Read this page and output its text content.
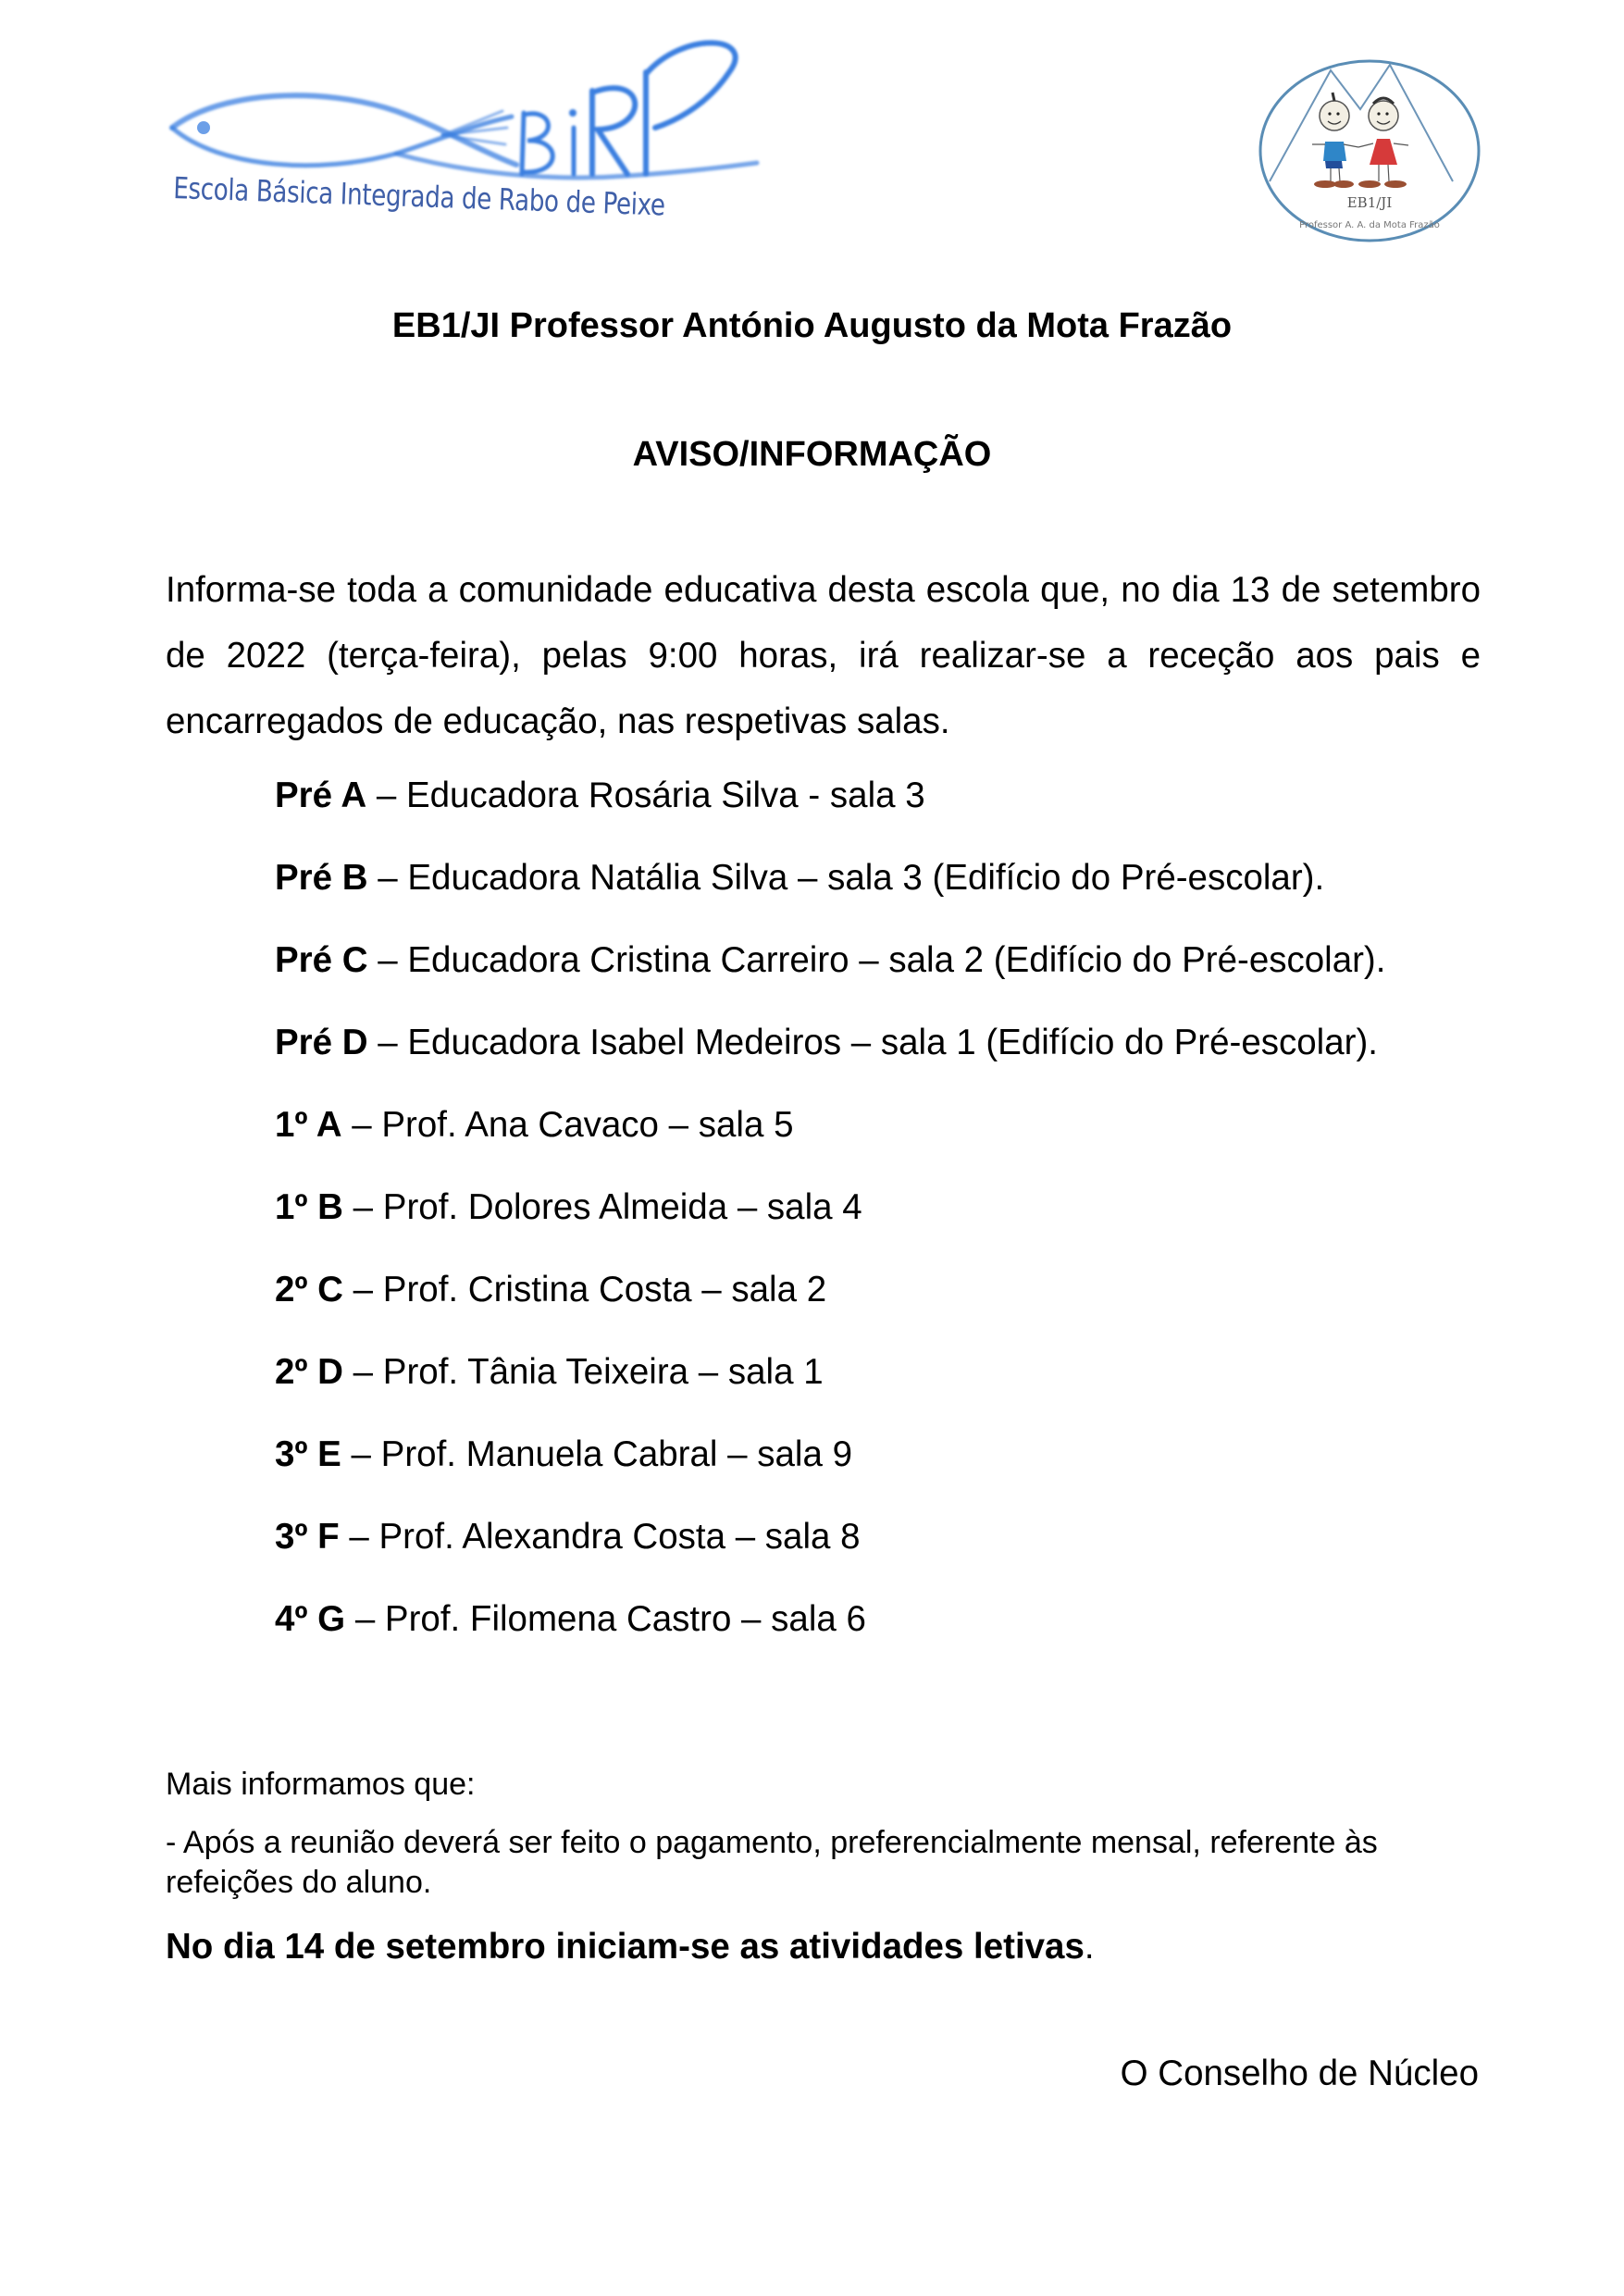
Escola Básica Integrada de Rabo de Peixe	EB1/JI
Professor A. A. da Mota Frazão
EB1/JI Professor António Augusto da Mota Frazão
AVISO/INFORMAÇÃO
Informa-se toda a comunidade educativa desta escola que, no dia 13 de setembro de 2022 (terça-feira), pelas 9:00 horas, irá realizar-se a receção aos pais e encarregados de educação, nas respetivas salas.
Pré A – Educadora Rosária Silva - sala 3
Pré B – Educadora Natália Silva – sala 3 (Edifício do Pré-escolar).
Pré C – Educadora Cristina Carreiro – sala 2 (Edifício do Pré-escolar).
Pré D – Educadora Isabel Medeiros – sala 1 (Edifício do Pré-escolar).
1º A – Prof. Ana Cavaco – sala 5
1º B – Prof. Dolores Almeida – sala 4
2º C – Prof. Cristina Costa – sala 2
2º D – Prof. Tânia Teixeira – sala 1
3º E – Prof. Manuela Cabral – sala 9
3º F – Prof. Alexandra Costa – sala 8
4º G – Prof. Filomena Castro – sala 6
Mais informamos que:
- Após a reunião deverá ser feito o pagamento, preferencialmente mensal, referente às refeições do aluno.
No dia 14 de setembro iniciam-se as atividades letivas.
O Conselho de Núcleo
